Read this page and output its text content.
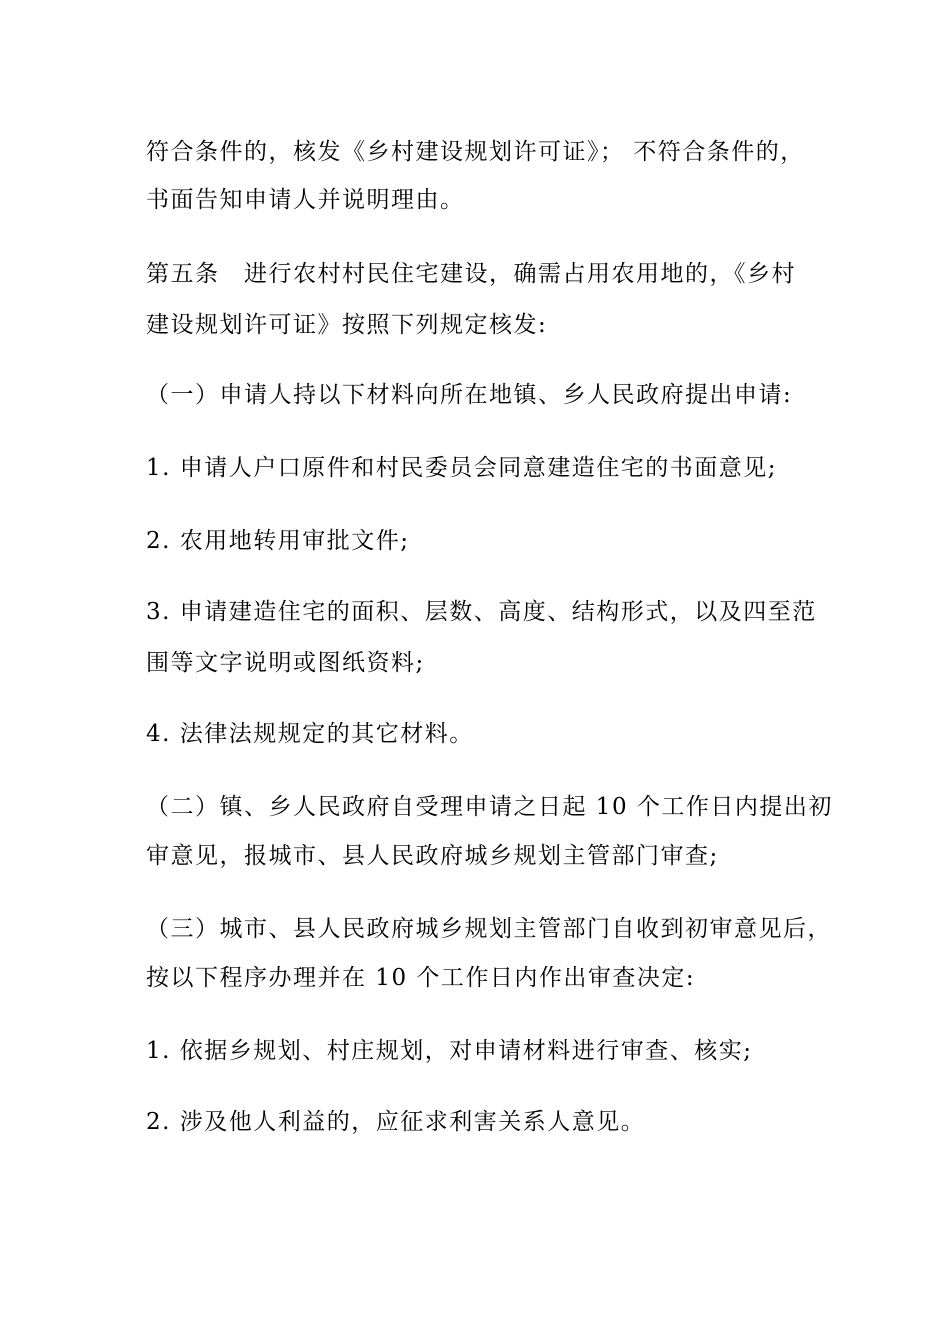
符合条件的，核发《乡村建设规划许可证》； 不符合条件的，
书面告知申请人并说明理由。
第五条　进行农村村民住宅建设，确需占用农用地的，《乡村
建设规划许可证》按照下列规定核发:
（一）申请人持以下材料向所在地镇、乡人民政府提出申请:
1. 申请人户口原件和村民委员会同意建造住宅的书面意见;
2. 农用地转用审批文件;
3. 申请建造住宅的面积、层数、高度、结构形式，以及四至范
围等文字说明或图纸资料;
4. 法律法规规定的其它材料。
（二）镇、乡人民政府自受理申请之日起 10 个工作日内提出初
审意见，报城市、县人民政府城乡规划主管部门审查;
（三）城市、县人民政府城乡规划主管部门自收到初审意见后，
按以下程序办理并在 10 个工作日内作出审查决定:
1. 依据乡规划、村庄规划，对申请材料进行审查、核实;
2. 涉及他人利益的，应征求利害关系人意见。
